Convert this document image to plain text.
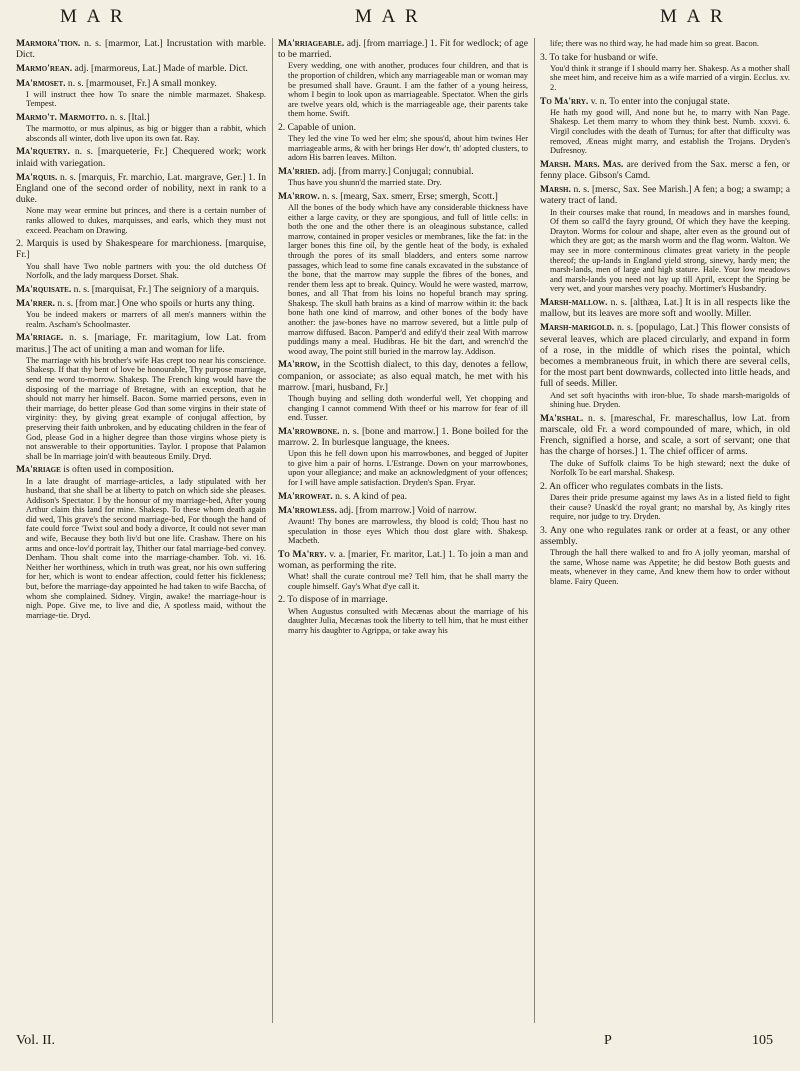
M A R	M A R	M A R
Marmora'tion. n. s. [marmor, Lat.] Incrustation with marble. Dict.
Marmo'rean. adj. [marmoreus, Lat.] Made of marble. Dict.
Ma'rmoset. n. s. [marmouset, Fr.] A small monkey.
I will instruct thee how To snare the nimble marmazet. Shakesp. Tempest.
Marmo't. Marmotto. n. s. [Ital.]
The marmotto, or mus alpinus, as big or bigger than a rabbit, which absconds all winter, doth live upon its own fat. Ray.
Ma'rquetry. n. s. [marqueterie, Fr.] Chequered work; work inlaid with variegation.
Ma'rquis. n. s. [marquis, Fr. marchio, Lat. margrave, Ger.] 1. In England one of the second order of nobility, next in rank to a duke.
None may wear ermine but princes, and there is a certain number of ranks allowed to dukes, marquisses, and earls, which they must not exceed. Peacham on Drawing.
2. Marquis is used by Shakespeare for marchioness. [marquise, Fr.]
You shall have Two noble partners with you: the old dutchess Of Norfolk, and the lady marquess Dorset. Shak.
Ma'rquisate. n. s. [marquisat, Fr.] The seigniory of a marquis.
Ma'rrer. n. s. [from mar.] One who spoils or hurts any thing.
You be indeed makers or marrers of all men's manners within the realm. Ascham's Schoolmaster.
Ma'rriage. n. s. [mariage, Fr. maritagium, low Lat. from maritus.] The act of uniting a man and woman for life.
The marriage with his brother's wife Has crept too near his conscience. Shakesp. If that thy bent of love be honourable, Thy purpose marriage, send me word to-morrow. Shakesp. The French king would have the disposing of the marriage of Bretagne, with an exception, that he should not marry her himself. Bacon. Some married persons, even in their marriage, do better please God than some virgins in their state of virginity: they, by giving great example of conjugal affection, by preserving their faith unbroken, and by educating children in the fear of God, please God in a higher degree than those virgins whose piety is not answerable to their opportunities. Taylor. I propose that Palamon shall be In marriage join'd with beauteous Emily. Dryd.
Ma'rriage is often used in composition.
In a late draught of marriage-articles, a lady stipulated with her husband, that she shall be at liberty to patch on which side she pleases. Addison's Spectator. I by the honour of my marriage-bed, After young Arthur claim this land for mine. Shakesp. To these whom death again did wed, This grave's the second marriage-bed, For though the hand of fate could force 'Twixt soul and body a divorce, It could not sever man and wife, Because they both liv'd but one life. Crashaw. There on his arms and once-lov'd portrait lay, Thither our fatal marriage-bed convey. Denham. Thou shalt come into the marriage-chamber. Tob. vi. 16. Neither her worthiness, which in truth was great, nor his own suffering for her, which is wont to endear affection, could fetter his fickleness; but, before the marriage-day appointed he had taken to wife Baccha, of whom she complained. Sidney. Virgin, awake! the marriage-hour is nigh. Pope. Give me, to live and die, A spotless maid, without the marriage-tie. Dryd.
Ma'rriageable. adj. [from marriage.] 1. Fit for wedlock; of age to be married.
Every wedding, one with another, produces four children, and that is the proportion of children, which any marriageable man or woman may be presumed shall have. Graunt. I am the father of a young heiress, whom I begin to look upon as marriageable. Spectator. When the girls are twelve years old, which is the marriageable age, their parents take them home. Swift.
2. Capable of union.
They led the vine To wed her elm; she spous'd, about him twines Her marriageable arms, & with her brings Her dow'r, th' adopted clusters, to adorn His barren leaves. Milton.
Ma'rried. adj. [from marry.] Conjugal; connubial.
Thus have you shunn'd the married state. Dry.
Ma'rrow. n. s. [mearg, Sax. smerr, Erse; smergh, Scott.]
All the bones of the body which have any considerable thickness have either a large cavity, or they are spongious, and full of little cells: in both the one and the other there is an oleaginous substance, called marrow, contained in proper vesicles or membranes, like the fat: in the larger bones this fine oil, by the gentle heat of the body, is exhaled through the pores of its small bladders, and enters some narrow passages, which lead to some fine canals excavated in the substance of the bone, that the marrow may supple the fibres of the bones, and render them less apt to break. Quincy. Would he were wasted, marrow, bones, and all That from his loins no hopeful branch may spring. Shakesp. The skull hath brains as a kind of marrow within it: the back bone hath one kind of marrow, and other bones of the body have another: the jaw-bones have no marrow severed, but a little pulp of marrow diffused. Bacon. Pamper'd and edify'd their zeal With marrow puddings many a meal. Hudibras. He bit the dart, and wrench'd the wood away, The point still buried in the marrow lay. Addison.
Ma'rrow, in the Scottish dialect, to this day, denotes a fellow, companion, or associate; as also equal match, he met with his marrow. [mari, husband, Fr.]
Though buying and selling doth wonderful well, Yet chopping and changing I cannot commend With theef or his marrow for fear of ill end. Tusser.
Ma'rrowbone. n. s. [bone and marrow.] 1. Bone boiled for the marrow. 2. In burlesque language, the knees.
Upon this he fell down upon his marrowbones, and begged of Jupiter to give him a pair of horns. L'Estrange. Down on your marrowbones, upon your allegiance; and make an acknowledgment of your offences; for I will have ample satisfaction. Dryden's Span. Fryar.
Ma'rrowfat. n. s. A kind of pea.
Ma'rrowless. adj. [from marrow.] Void of narrow.
Avaunt! Thy bones are marrowless, thy blood is cold; Thou hast no speculation in those eyes Which thou dost glare with. Shakesp. Macbeth.
To Ma'rry. v. a. [marier, Fr. maritor, Lat.] 1. To join a man and woman, as performing the rite.
What! shall the curate controul me? Tell him, that he shall marry the couple himself. Gay's What d'ye call it.
2. To dispose of in marriage.
When Augustus consulted with Mecænas about the marriage of his daughter Julia, Mecænas took the liberty to tell him, that he must either marry his daughter to Agrippa, or take away his
life; there was no third way, he had made him so great. Bacon.
3. To take for husband or wife.
You'd think it strange if I should marry her. Shakesp. As a mother shall she meet him, and receive him as a wife married of a virgin. Ecclus. xv. 2.
To Ma'rry. v. n. To enter into the conjugal state.
He hath my good will, And none but he, to marry with Nan Page. Shakesp. Let them marry to whom they think best. Numb. xxxvi. 6. Virgil concludes with the death of Turnus; for after that difficulty was removed, Æneas might marry, and establish the Trojans. Dryden's Dufresnoy.
Marsh. Mars. Mas. are derived from the Sax. mersc a fen, or fenny place. Gibson's Camd.
Marsh. n. s. [mersc, Sax. See Marish.] A fen; a bog; a swamp; a watery tract of land.
In their courses make that round, In meadows and in marshes found, Of them so call'd the fayry ground, Of which they have the keeping. Drayton. Worms for colour and shape, alter even as the ground out of which they are got; as the marsh worm and the flag worm. Walton. We may see in more conterminous climates great variety in the people thereof; the up-lands in England yield strong, sinewy, hardy men; the marsh-lands, men of large and high stature. Hale. Your low meadows and marsh-lands you need not lay up till April, except the Spring be very wet, and your marshes very poachy. Mortimer's Husbandry.
Marsh-mallow. n. s. [althæa, Lat.] It is in all respects like the mallow, but its leaves are more soft and woolly. Miller.
Marsh-marigold. n. s. [populago, Lat.] This flower consists of several leaves, which are placed circularly, and expand in form of a rose, in the middle of which rises the pointal, which becomes a membraneous fruit, in which there are several cells, for the most part bent downwards, collected into little heads, and full of seeds. Miller.
And set soft hyacinths with iron-blue, To shade marsh-marigolds of shining hue. Dryden.
Ma'rshal. n. s. [mareschal, Fr. mareschallus, low Lat. from marscale, old Fr. a word compounded of mare, which, in old French, signified a horse, and scale, a sort of servant; one that has the charge of horses.] 1. The chief officer of arms.
The duke of Suffolk claims To be high steward; next the duke of Norfolk To be earl marshal. Shakesp.
2. An officer who regulates combats in the lists.
Dares their pride presume against my laws As in a listed field to fight their cause? Unask'd the royal grant; no marshal by, As kingly rites require, nor judge to try. Dryden.
3. Any one who regulates rank or order at a feast, or any other assembly.
Through the hall there walked to and fro A jolly yeoman, marshal of the same, Whose name was Appetite; he did bestow Both guests and meats, whenever in they came, And knew them how to order without blame. Fairy Queen.
Vol. II.	P	105
